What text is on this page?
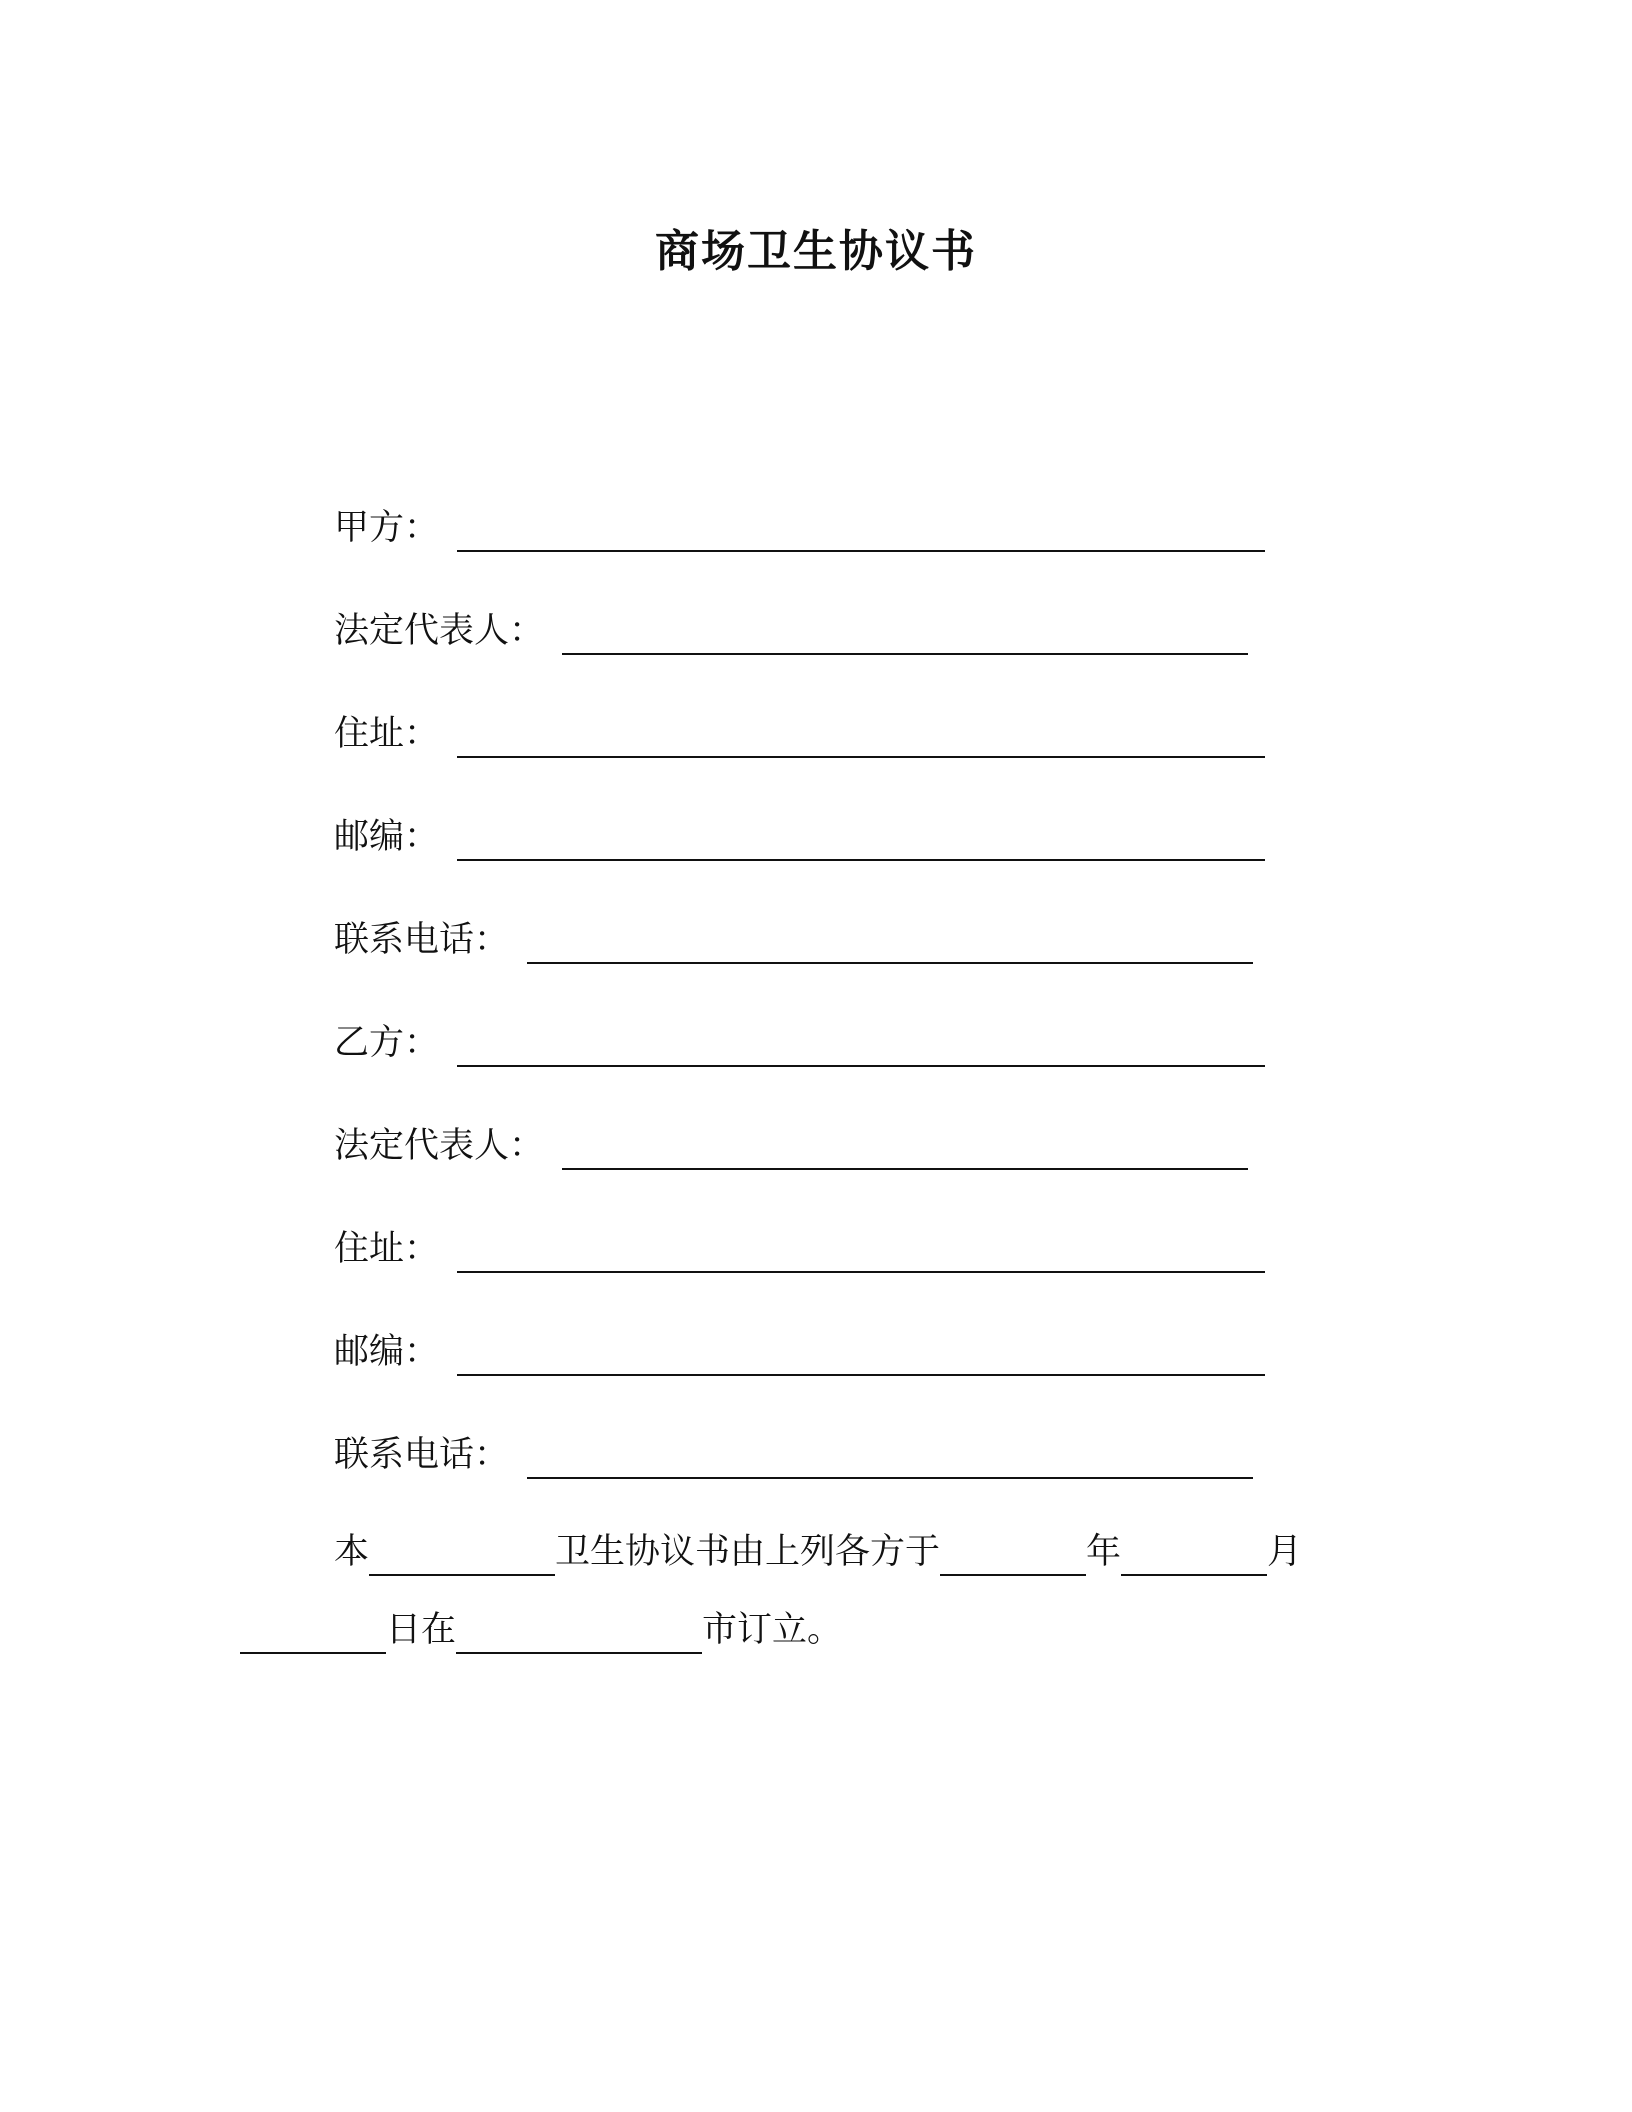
商场卫生协议书
甲方：
法定代表人：
住址：
邮编：
联系电话：
乙方：
法定代表人：
住址：
邮编：
联系电话：
本	卫生协议书由上列各方于	年	月
日在	市订立。
